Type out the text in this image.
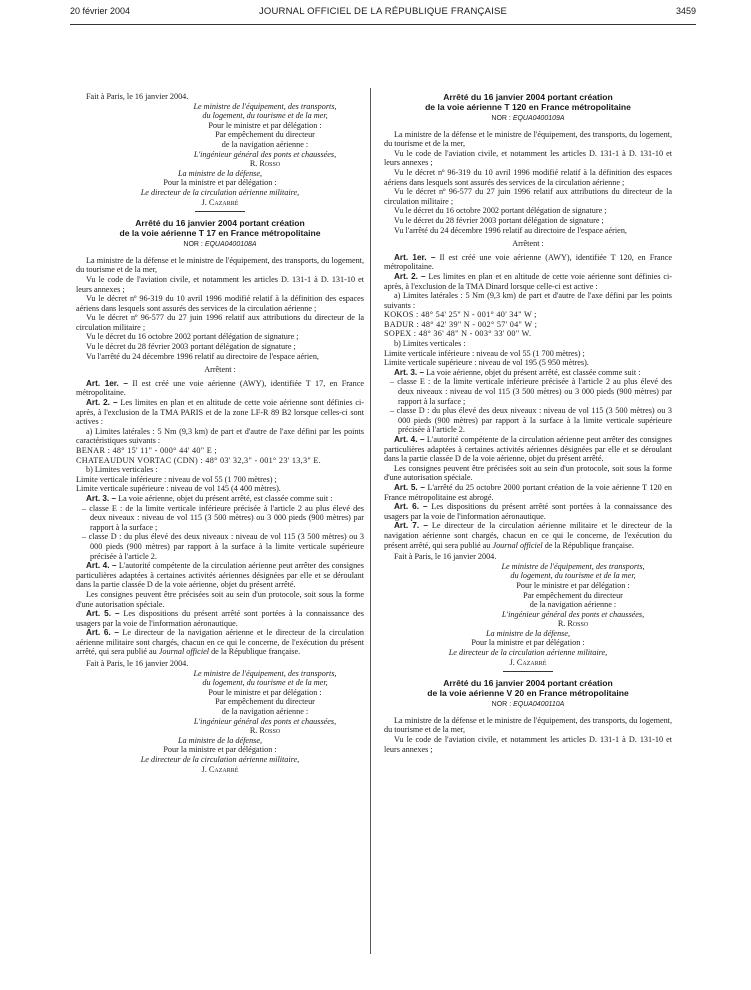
20 février 2004	JOURNAL OFFICIEL DE LA RÉPUBLIQUE FRANÇAISE	3459

Fait à Paris, le 16 janvier 2004.

Le ministre de l'équipement, des transports,

du logement, du tourisme et de la mer,

Pour le ministre et par délégation :

Par empêchement du directeur

de la navigation aérienne :

L'ingénieur général des ponts et chaussées,

R. Rosso

La ministre de la défense,

Pour la ministre et par délégation :

Le directeur de la circulation aérienne militaire,

J. Cazarré

Arrêté du 16 janvier 2004 portant création

de la voie aérienne T 17 en France métropolitaine

NOR : EQUA0400108A

La ministre de la défense et le ministre de l'équipement, des transports, du logement, du tourisme et de la mer,

Vu le code de l'aviation civile, et notamment les articles D. 131-1 à D. 131-10 et leurs annexes ;

Vu le décret nº 96-319 du 10 avril 1996 modifié relatif à la définition des espaces aériens dans lesquels sont assurés des services de la circulation aérienne ;

Vu le décret nº 96-577 du 27 juin 1996 relatif aux attributions du directeur de la circulation militaire ;

Vu le décret du 16 octobre 2002 portant délégation de signature ;

Vu le décret du 28 février 2003 portant délégation de signature ;

Vu l'arrêté du 24 décembre 1996 relatif au directoire de l'espace aérien,

Arrêtent :

Art. 1er. – Il est créé une voie aérienne (AWY), identifiée T 17, en France métropolitaine.

Art. 2. – Les limites en plan et en altitude de cette voie aérienne sont définies ci-après, à l'exclusion de la TMA PARIS et de la zone LF-R 89 B2 lorsque celles-ci sont actives :

a) Limites latérales : 5 Nm (9,3 km) de part et d'autre de l'axe défini par les points caractéristiques suivants :

BENAR : 48° 15' 11" - 000° 44' 40" E ;

CHATEAUDUN VORTAC (CDN) : 48° 03' 32,3" - 001° 23' 13,3" E.

b) Limites verticales :

Limite verticale inférieure : niveau de vol 55 (1 700 mètres) ;

Limite verticale supérieure : niveau de vol 145 (4 400 mètres).

Art. 3. – La voie aérienne, objet du présent arrêté, est classée comme suit :

– classe E : de la limite verticale inférieure précisée à l'article 2 au plus élevé des deux niveaux : niveau de vol 115 (3 500 mètres) ou 3 000 pieds (900 mètres) par rapport à la surface ;

– classe D : du plus élevé des deux niveaux : niveau de vol 115 (3 500 mètres) ou 3 000 pieds (900 mètres) par rapport à la surface à la limite verticale supérieure précisée à l'article 2.

Art. 4. – L'autorité compétente de la circulation aérienne peut arrêter des consignes particulières adaptées à certaines activités aériennes désignées par elle et se déroulant dans la partie classée D de la voie aérienne, objet du présent arrêté.

Les consignes peuvent être précisées soit au sein d'un protocole, soit sous la forme d'une autorisation spéciale.

Art. 5. – Les dispositions du présent arrêté sont portées à la connaissance des usagers par la voie de l'information aéronautique.

Art. 6. – Le directeur de la navigation aérienne et le directeur de la circulation aérienne militaire sont chargés, chacun en ce qui le concerne, de l'exécution du présent arrêté, qui sera publié au Journal officiel de la République française.

Fait à Paris, le 16 janvier 2004.

Le ministre de l'équipement, des transports,

du logement, du tourisme et de la mer,

Pour le ministre et par délégation :

Par empêchement du directeur

de la navigation aérienne :

L'ingénieur général des ponts et chaussées,

R. Rosso

La ministre de la défense,

Pour la ministre et par délégation :

Le directeur de la circulation aérienne militaire,

J. Cazarré

Arrêté du 16 janvier 2004 portant création

de la voie aérienne T 120 en France métropolitaine

NOR : EQUA0400109A

La ministre de la défense et le ministre de l'équipement, des transports, du logement, du tourisme et de la mer,

Vu le code de l'aviation civile, et notamment les articles D. 131-1 à D. 131-10 et leurs annexes ;

Vu le décret nº 96-319 du 10 avril 1996 modifié relatif à la définition des espaces aériens dans lesquels sont assurés des services de la circulation aérienne ;

Vu le décret nº 96-577 du 27 juin 1996 relatif aux attributions du directeur de la circulation militaire ;

Vu le décret du 16 octobre 2002 portant délégation de signature ;

Vu le décret du 28 février 2003 portant délégation de signature ;

Vu l'arrêté du 24 décembre 1996 relatif au directoire de l'espace aérien,

Arrêtent :

Art. 1er. – Il est créé une voie aérienne (AWY), identifiée T 120, en France métropolitaine.

Art. 2. – Les limites en plan et en altitude de cette voie aérienne sont définies ci-après, à l'exclusion de la TMA Dinard lorsque celle-ci est active :

a) Limites latérales : 5 Nm (9,3 km) de part et d'autre de l'axe défini par les points suivants :

KOKOS : 48° 54' 25" N - 001° 40' 34" W ;

BADUR : 48° 42' 39" N - 002° 57' 04" W ;

SOPEX : 48° 36' 48" N - 003° 33' 00" W.

b) Limites verticales :

Limite verticale inférieure : niveau de vol 55 (1 700 mètres) ;

Limite verticale supérieure : niveau de vol 195 (5 950 mètres).

Art. 3. – La voie aérienne, objet du présent arrêté, est classée comme suit :

– classe E : de la limite verticale inférieure précisée à l'article 2 au plus élevé des deux niveaux : niveau de vol 115 (3 500 mètres) ou 3 000 pieds (900 mètres) par rapport à la surface ;

– classe D : du plus élevé des deux niveaux : niveau de vol 115 (3 500 mètres) ou 3 000 pieds (900 mètres) par rapport à la surface à la limite verticale supérieure précisée à l'article 2.

Art. 4. – L'autorité compétente de la circulation aérienne peut arrêter des consignes particulières adaptées à certaines activités aériennes désignées par elle et se déroulant dans la partie classée D de la voie aérienne, objet du présent arrêté.

Les consignes peuvent être précisées soit au sein d'un protocole, soit sous la forme d'une autorisation spéciale.

Art. 5. – L'arrêté du 25 octobre 2000 portant création de la voie aérienne T 120 en France métropolitaine est abrogé.

Art. 6. – Les dispositions du présent arrêté sont portées à la connaissance des usagers par la voie de l'information aéronautique.

Art. 7. – Le directeur de la circulation aérienne militaire et le directeur de la navigation aérienne sont chargés, chacun en ce qui le concerne, de l'exécution du présent arrêté, qui sera publié au Journal officiel de la République française.

Fait à Paris, le 16 janvier 2004.

Le ministre de l'équipement, des transports,

du logement, du tourisme et de la mer,

Pour le ministre et par délégation :

Par empêchement du directeur

de la navigation aérienne :

L'ingénieur général des ponts et chaussées,

R. Rosso

La ministre de la défense,

Pour la ministre et par délégation :

Le directeur de la circulation aérienne militaire,

J. Cazarré

Arrêté du 16 janvier 2004 portant création

de la voie aérienne V 20 en France métropolitaine

NOR : EQUA0400110A

La ministre de la défense et le ministre de l'équipement, des transports, du logement, du tourisme et de la mer,

Vu le code de l'aviation civile, et notamment les articles D. 131-1 à D. 131-10 et leurs annexes ;
